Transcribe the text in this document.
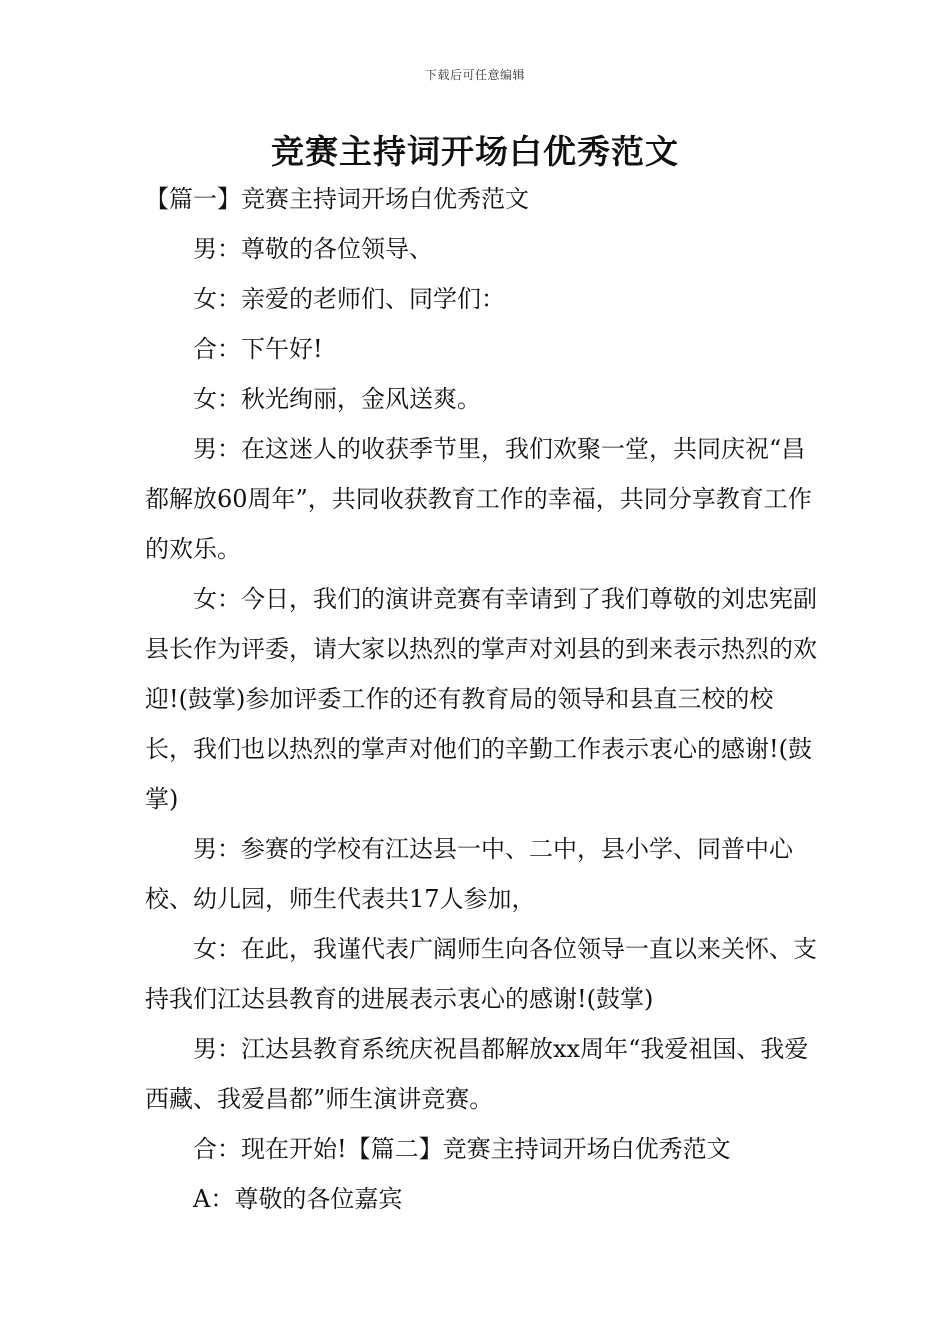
下载后可任意编辑
竞赛主持词开场白优秀范文

【篇一】竞赛主持词开场白优秀范文

男：尊敬的各位领导、

女：亲爱的老师们、同学们：

合：下午好!

女：秋光绚丽，金风送爽。

男：在这迷人的收获季节里，我们欢聚一堂，共同庆祝“昌都解放60周年”，共同收获教育工作的幸福，共同分享教育工作的欢乐。

女：今日，我们的演讲竞赛有幸请到了我们尊敬的刘忠宪副县长作为评委，请大家以热烈的掌声对刘县的到来表示热烈的欢迎!(鼓掌)参加评委工作的还有教育局的领导和县直三校的校长，我们也以热烈的掌声对他们的辛勤工作表示衷心的感谢!(鼓掌)

男：参赛的学校有江达县一中、二中，县小学、同普中心校、幼儿园，师生代表共17人参加，

女：在此，我谨代表广阔师生向各位领导一直以来关怀、支持我们江达县教育的进展表示衷心的感谢!(鼓掌)

男：江达县教育系统庆祝昌都解放xx周年“我爱祖国、我爱西藏、我爱昌都”师生演讲竞赛。

合：现在开始!【篇二】竞赛主持词开场白优秀范文

A：尊敬的各位嘉宾
